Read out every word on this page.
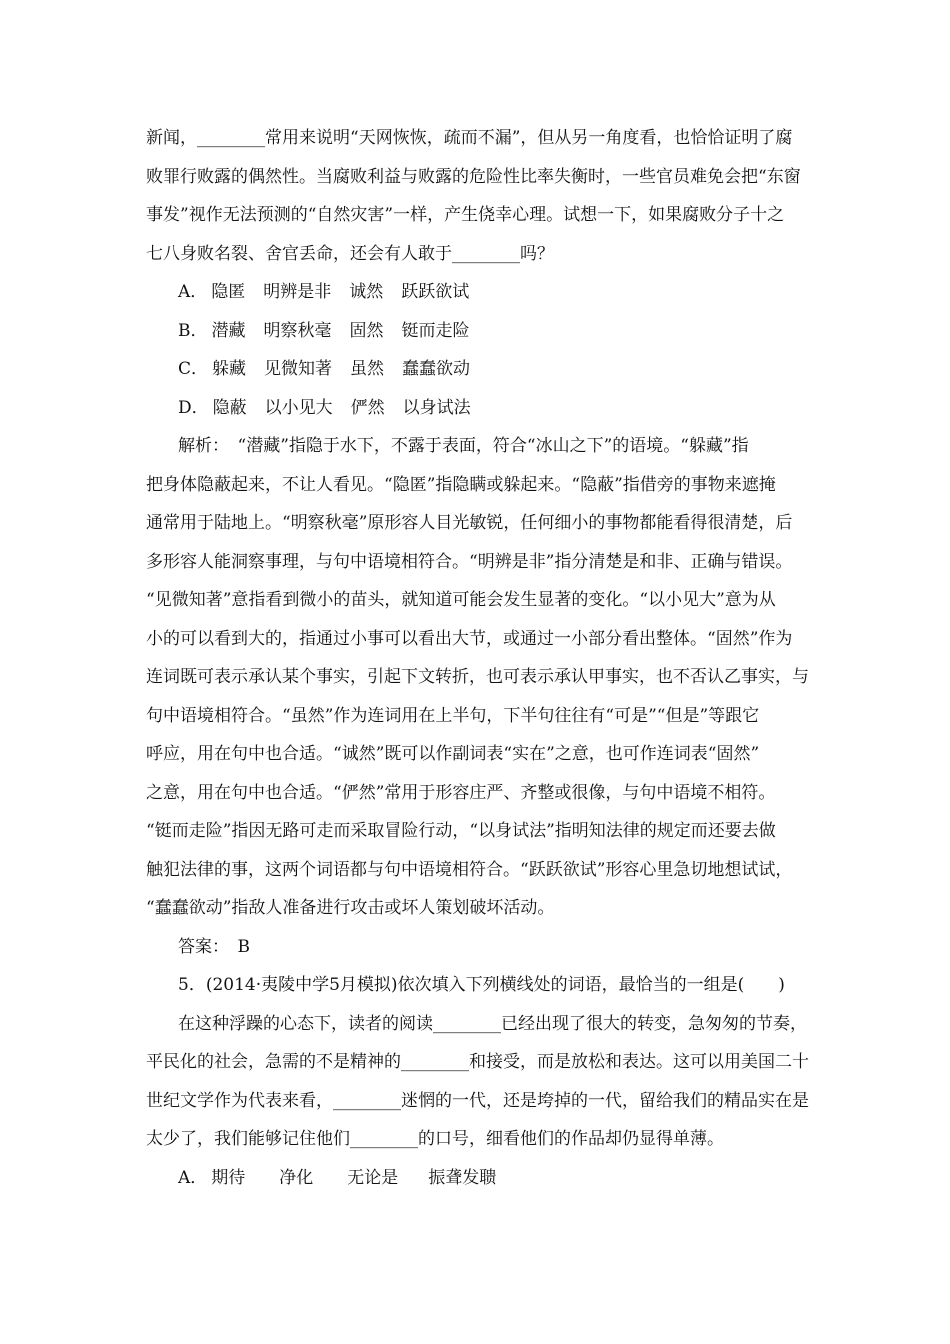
新闻，________常用来说明“天网恢恢，疏而不漏”，但从另一角度看，也恰恰证明了腐
败罪行败露的偶然性。当腐败利益与败露的危险性比率失衡时，一些官员难免会把“东窗
事发”视作无法预测的“自然灾害”一样，产生侥幸心理。试想一下，如果腐败分子十之
七八身败名裂、舍官丢命，还会有人敢于________吗？
A． 隐匿 明辨是非 诚然 跃跃欲试
B． 潜藏 明察秋毫 固然 铤而走险
C． 躲藏 见微知著 虽然 蠢蠢欲动
D． 隐蔽 以小见大 俨然 以身试法
解析：　“潜藏”指隐于水下，不露于表面，符合“冰山之下”的语境。“躲藏”指
把身体隐蔽起来，不让人看见。“隐匿”指隐瞒或躲起来。“隐蔽”指借旁的事物来遮掩
通常用于陆地上。“明察秋毫”原形容人目光敏锐，任何细小的事物都能看得很清楚，后
多形容人能洞察事理，与句中语境相符合。“明辨是非”指分清楚是和非、正确与错误。
“见微知著”意指看到微小的苗头，就知道可能会发生显著的变化。“以小见大”意为从
小的可以看到大的，指通过小事可以看出大节，或通过一小部分看出整体。“固然”作为
连词既可表示承认某个事实，引起下文转折，也可表示承认甲事实，也不否认乙事实，与
句中语境相符合。“虽然”作为连词用在上半句，下半句往往有“可是”“但是”等跟它
呼应，用在句中也合适。“诚然”既可以作副词表“实在”之意，也可作连词表“固然”
之意，用在句中也合适。“俨然”常用于形容庄严、齐整或很像，与句中语境不相符。
“铤而走险”指因无路可走而采取冒险行动，“以身试法”指明知法律的规定而还要去做
触犯法律的事，这两个词语都与句中语境相符合。“跃跃欲试”形容心里急切地想试试，
“蠢蠢欲动”指敌人准备进行攻击或坏人策划破坏活动。
答案：　B
5．(2014·夷陵中学5月模拟)依次填入下列横线处的词语，最恰当的一组是(　　)
在这种浮躁的心态下，读者的阅读________已经出现了很大的转变，急匆匆的节奏，
平民化的社会，急需的不是精神的________和接受，而是放松和表达。这可以用美国二十
世纪文学作为代表来看，________迷惘的一代，还是垮掉的一代，留给我们的精品实在是
太少了，我们能够记住他们________的口号，细看他们的作品却仍显得单薄。
A． 期待 净化 无论是 振聋发聩
